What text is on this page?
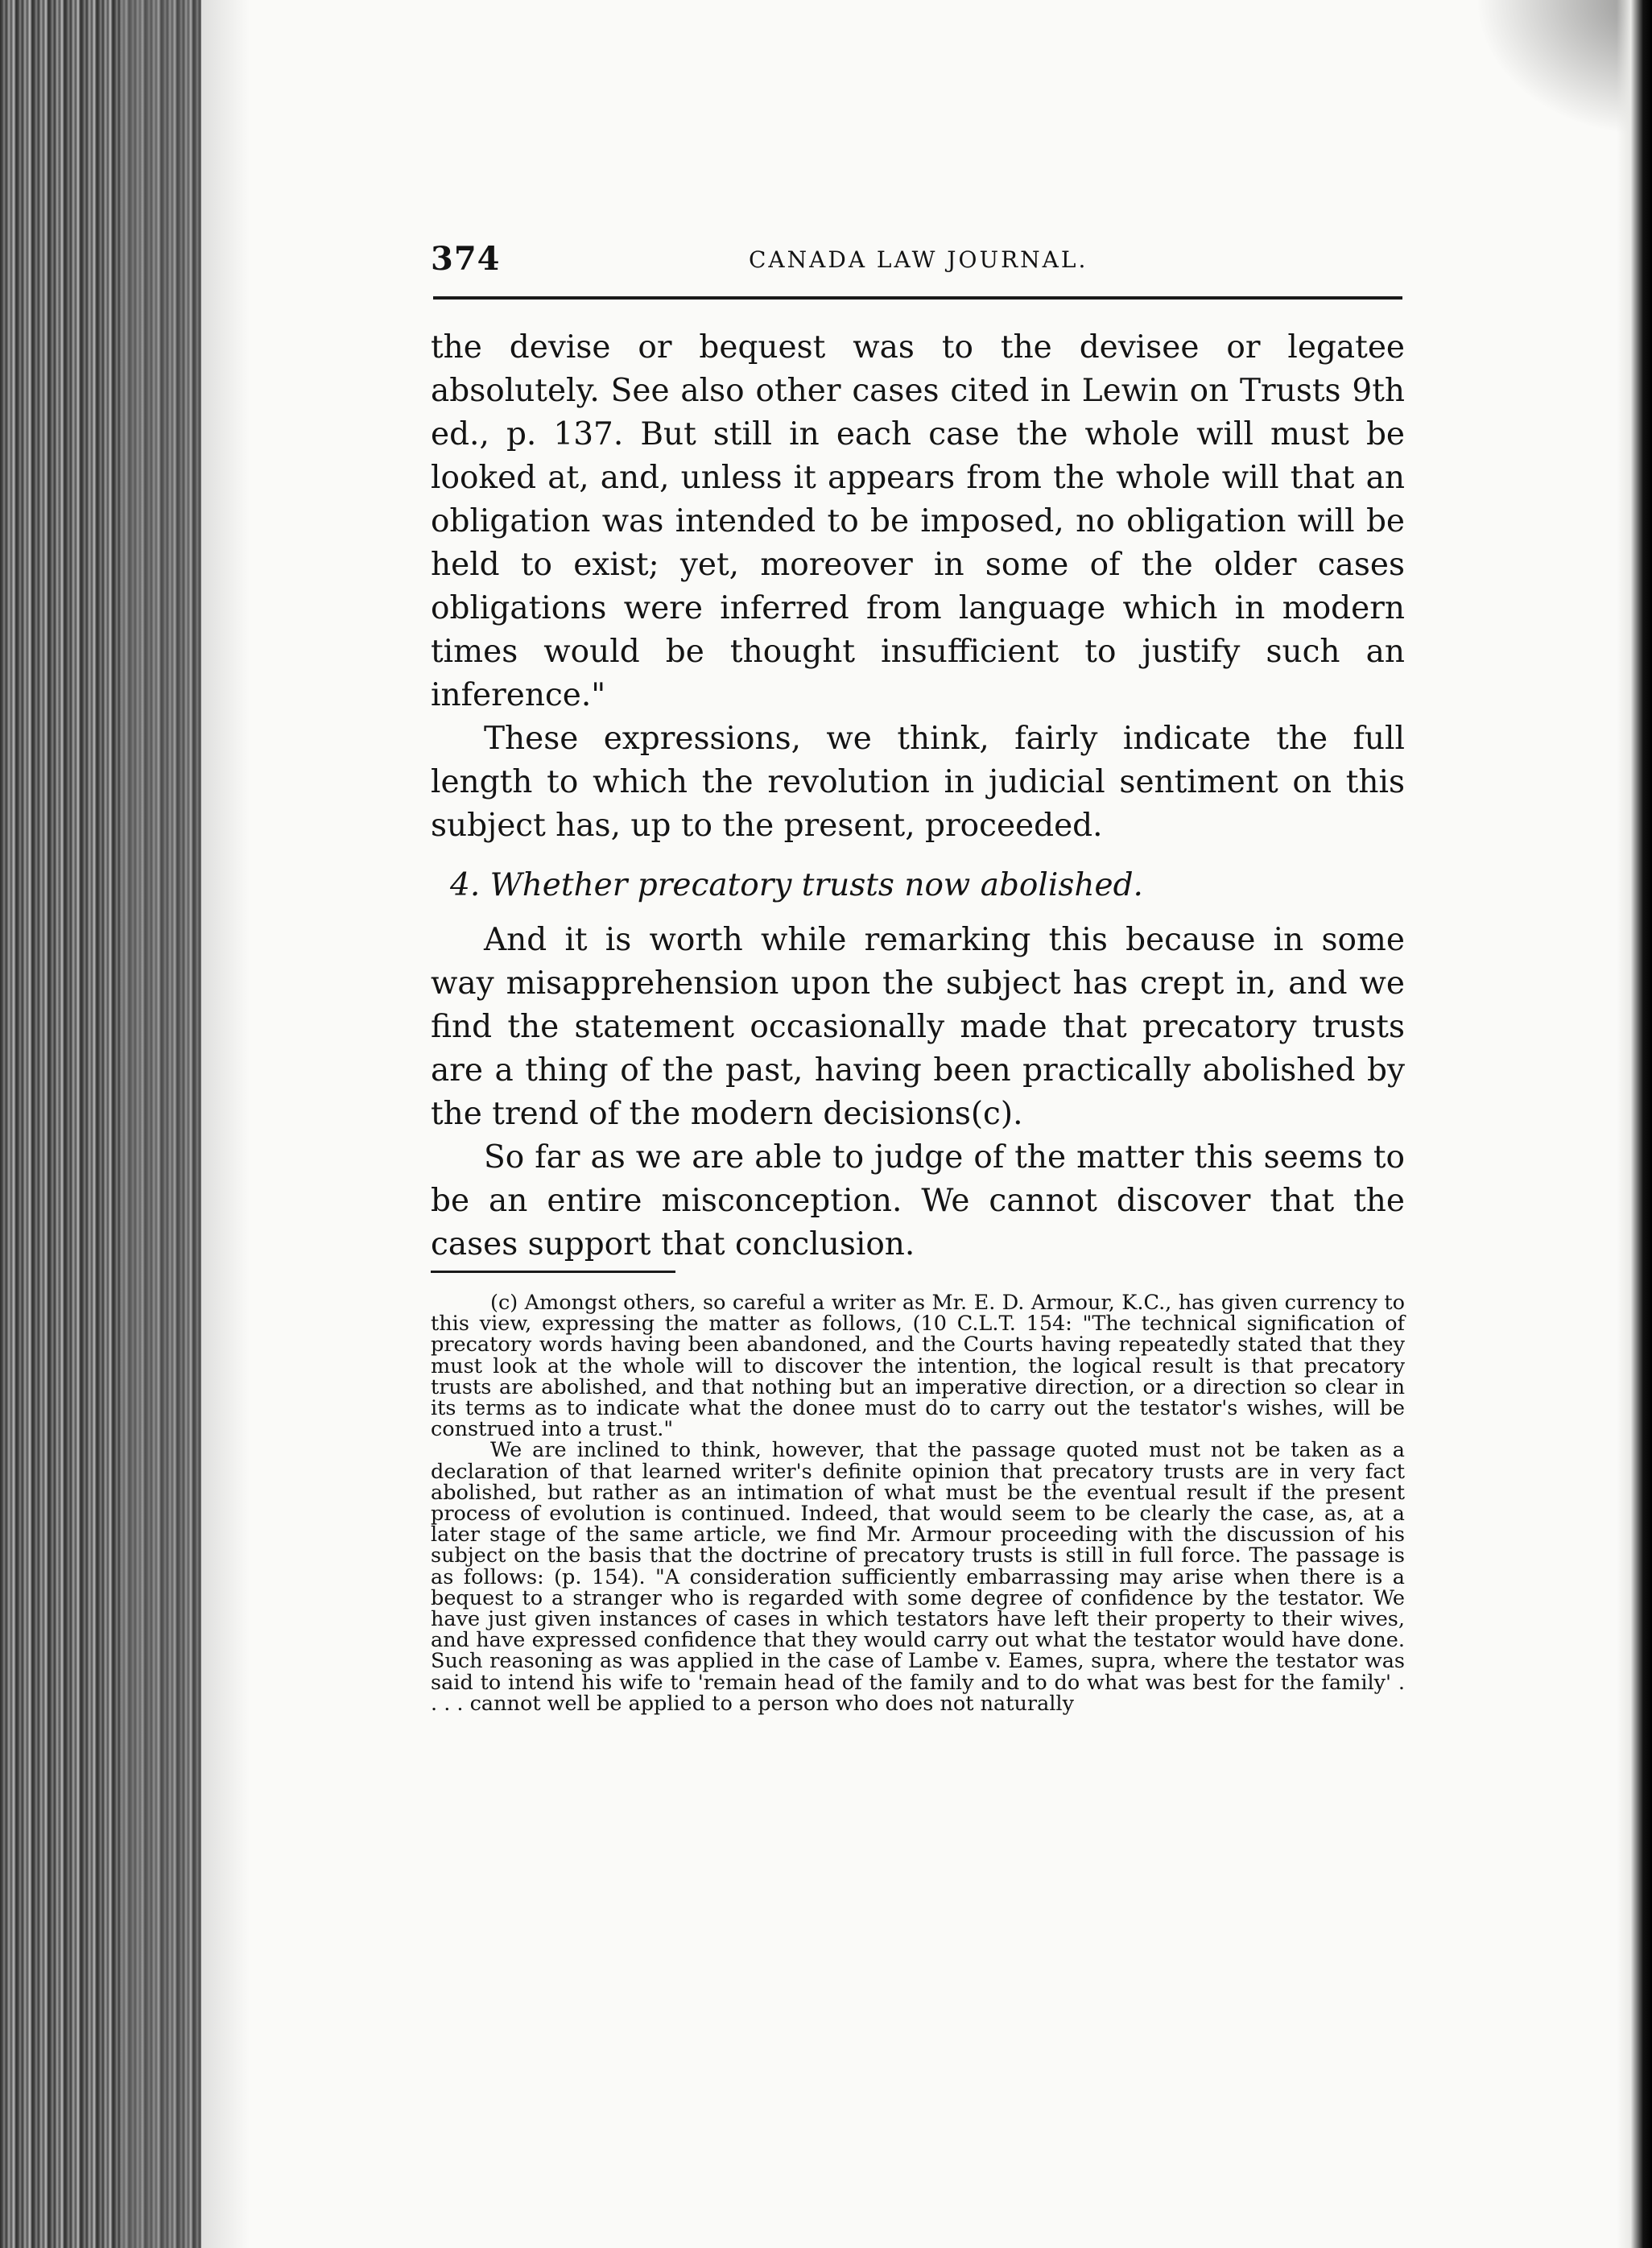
374	CANADA LAW JOURNAL.

the devise or bequest was to the devisee or legatee absolutely. See also other cases cited in Lewin on Trusts 9th ed., p. 137. But still in each case the whole will must be looked at, and, unless it appears from the whole will that an obligation was intended to be imposed, no obligation will be held to exist; yet, moreover in some of the older cases obligations were inferred from language which in modern times would be thought insufficient to justify such an inference."

These expressions, we think, fairly indicate the full length to which the revolution in judicial sentiment on this subject has, up to the present, proceeded.

4. Whether precatory trusts now abolished.

And it is worth while remarking this because in some way misapprehension upon the subject has crept in, and we find the statement occasionally made that precatory trusts are a thing of the past, having been practically abolished by the trend of the modern decisions(c).

So far as we are able to judge of the matter this seems to be an entire misconception. We cannot discover that the cases support that conclusion.

(c) Amongst others, so careful a writer as Mr. E. D. Armour, K.C., has given currency to this view, expressing the matter as follows, (10 C.L.T. 154: "The technical signification of precatory words having been abandoned, and the Courts having repeatedly stated that they must look at the whole will to discover the intention, the logical result is that precatory trusts are abolished, and that nothing but an imperative direction, or a direction so clear in its terms as to indicate what the donee must do to carry out the testator's wishes, will be construed into a trust."

We are inclined to think, however, that the passage quoted must not be taken as a declaration of that learned writer's definite opinion that precatory trusts are in very fact abolished, but rather as an intimation of what must be the eventual result if the present process of evolution is continued. Indeed, that would seem to be clearly the case, as, at a later stage of the same article, we find Mr. Armour proceeding with the discussion of his subject on the basis that the doctrine of precatory trusts is still in full force. The passage is as follows: (p. 154). "A consideration sufficiently embarrassing may arise when there is a bequest to a stranger who is regarded with some degree of confidence by the testator. We have just given instances of cases in which testators have left their property to their wives, and have expressed confidence that they would carry out what the testator would have done. Such reasoning as was applied in the case of Lambe v. Eames, supra, where the testator was said to intend his wife to 'remain head of the family and to do what was best for the family' . . . . cannot well be applied to a person who does not naturally
